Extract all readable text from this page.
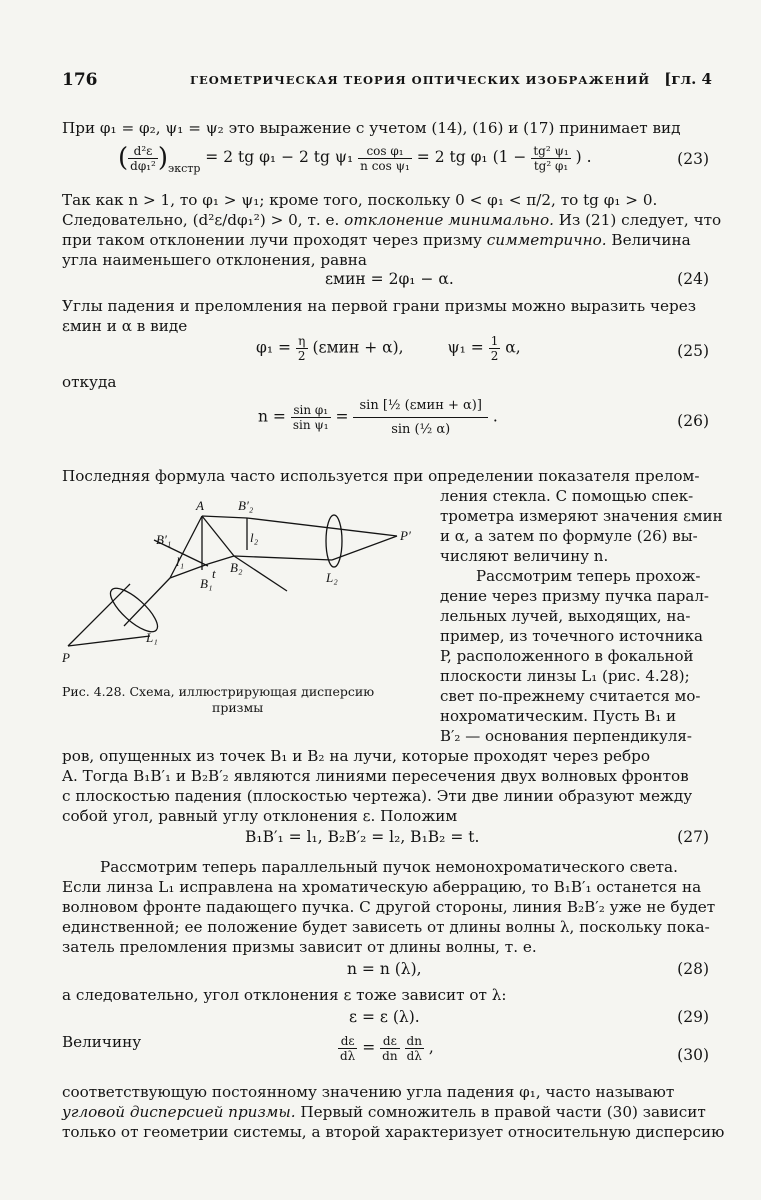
176	ГЕОМЕТРИЧЕСКАЯ ТЕОРИЯ ОПТИЧЕСКИХ ИЗОБРАЖЕНИЙ [гл. 4
При φ₁ = φ₂, ψ₁ = ψ₂ это выражение с учетом (14), (16) и (17) принимает вид
( $\frac{\text{d²ε}}{\text{dφ₁²}} )_{экстр} = 2$ tg φ₁ − 2 tg $\psi_1 \frac{\text{cos φ₁}}{\text{n cos ψ₁}} = 2$ tg φ₁ ($1 - \frac{\text{tg² ψ₁}}{\text{tg² φ₁}}$ ) .	(23)
Так как n > 1, то φ₁ > ψ₁; кроме того, поскольку 0 < φ₁ < π/2, то tg φ₁ > 0.
Следовательно, (d²ε/dφ₁²) > 0, т. е. отклонение минимально. Из (21) следует, что
при таком отклонении лучи проходят через призму симметрично. Величина
угла наименьшего отклонения, равна
εмин = 2φ₁ − α.	(24)
Углы падения и преломления на первой грани призмы можно выразить через
εмин и α в виде
$\varphi_1 = \frac{\eta}{2} (\varepsilon мин + \alpha)$,	$\psi_1 = \frac{1}{2} \alpha$,	(25)
откуда
$n = \frac{\text{sin φ₁}}{\text{sin ψ₁}} = \frac{\text{sin [½ (εмин + α)]}}{\text{sin (½ α)}}$ .	(26)
Последняя формула часто используется при определении показателя прелом-
A	B′₂
B′₁	l₂
l₁
t B₂
B₁
P′
L₂
L₁
P
Рис. 4.28. Схема, иллюстрирующая дисперсию
призмы
ления стекла. С помощью спек-
трометра измеряют значения εмин
и α, а затем по формуле (26) вы-
числяют величину n.
Рассмотрим теперь прохож-
дение через призму пучка парал-
лельных лучей, выходящих, на-
пример, из точечного источника
P, расположенного в фокальной
плоскости линзы L₁ (рис. 4.28);
свет по-прежнему считается мо-
нохроматическим. Пусть B₁ и
B′₂ — основания перпендикуля-
ров, опущенных из точек B₁ и B₂ на лучи, которые проходят через ребро
A. Тогда B₁B′₁ и B₂B′₂ являются линиями пересечения двух волновых фронтов
с плоскостью падения (плоскостью чертежа). Эти две линии образуют между
собой угол, равный углу отклонения ε. Положим
B₁B′₁ = l₁, B₂B′₂ = l₂, B₁B₂ = t.	(27)
Рассмотрим теперь параллельный пучок немонохроматического света.
Если линза L₁ исправлена на хроматическую аберрацию, то B₁B′₁ останется на
волновом фронте падающего пучка. С другой стороны, линия B₂B′₂ уже не будет
единственной; ее положение будет зависеть от длины волны λ, поскольку пока-
затель преломления призмы зависит от длины волны, т. е.
n = n (λ),	(28)
а следовательно, угол отклонения ε тоже зависит от λ:
ε = ε (λ).	(29)
Величину	$\frac{d\varepsilon}{d\lambda} = \frac{d\varepsilon}{dn}$
$\frac{dn}{d\lambda}$ ,	(30)
соответствующую постоянному значению угла падения φ₁, часто называют
угловой дисперсией призмы. Первый сомножитель в правой части (30) зависит
только от геометрии системы, а второй характеризует относительную дисперсию
